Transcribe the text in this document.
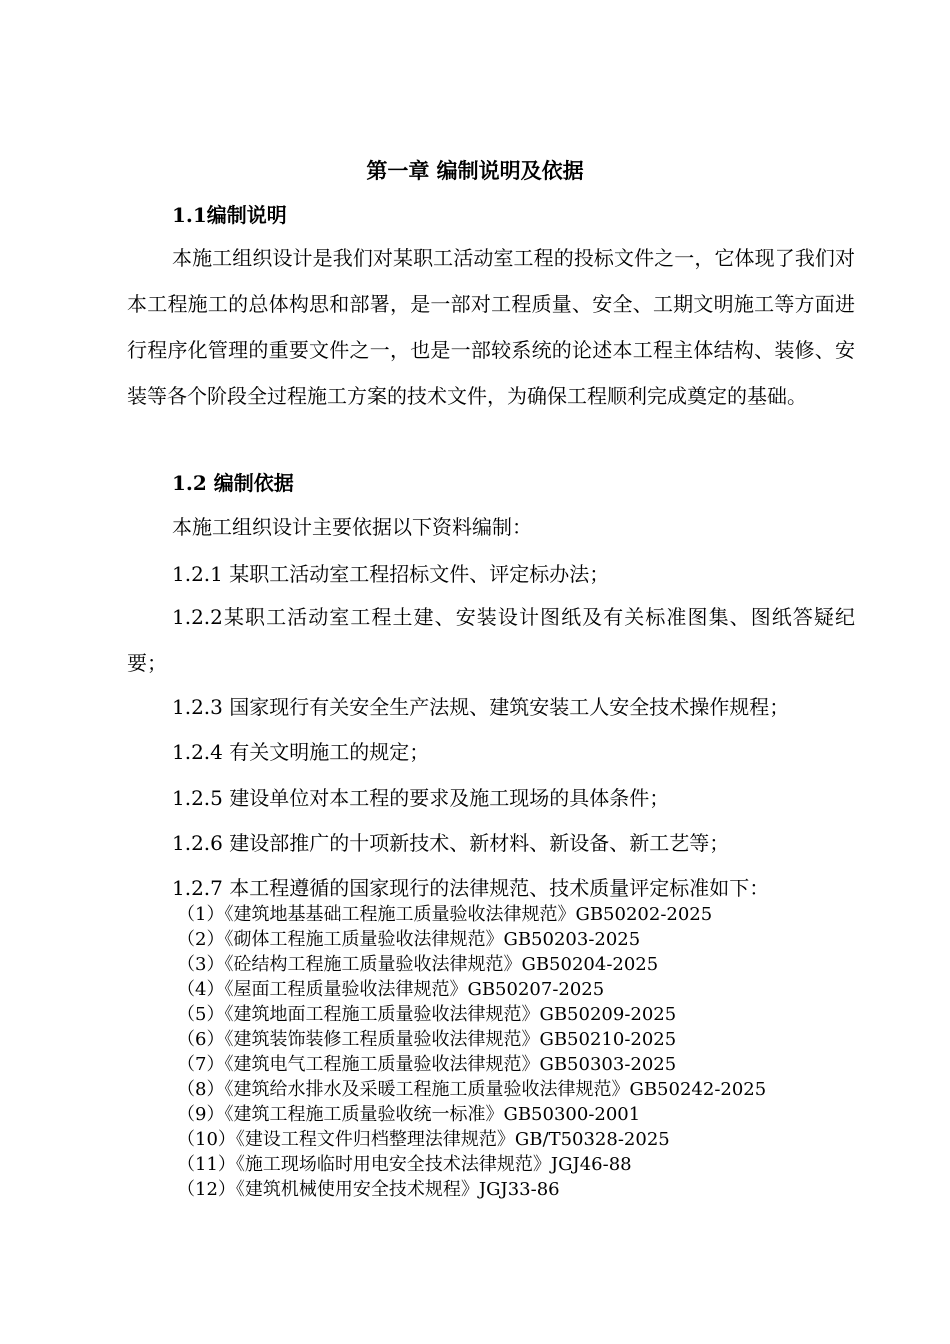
第一章 编制说明及依据
1.1编制说明

本施工组织设计是我们对某职工活动室工程的投标文件之一，它体现了我们对本工程施工的总体构思和部署，是一部对工程质量、安全、工期文明施工等方面进行程序化管理的重要文件之一，也是一部较系统的论述本工程主体结构、装修、安装等各个阶段全过程施工方案的技术文件，为确保工程顺利完成奠定的基础。

1.2 编制依据

本施工组织设计主要依据以下资料编制：

1.2.1 某职工活动室工程招标文件、评定标办法；

1.2.2某职工活动室工程土建、安装设计图纸及有关标准图集、图纸答疑纪要；

1.2.3 国家现行有关安全生产法规、建筑安装工人安全技术操作规程；

1.2.4 有关文明施工的规定；

1.2.5 建设单位对本工程的要求及施工现场的具体条件；

1.2.6 建设部推广的十项新技术、新材料、新设备、新工艺等；

1.2.7 本工程遵循的国家现行的法律规范、技术质量评定标准如下：

（1）《建筑地基基础工程施工质量验收法律规范》GB50202-2025
（2）《砌体工程施工质量验收法律规范》GB50203-2025
（3）《砼结构工程施工质量验收法律规范》GB50204-2025
（4）《屋面工程质量验收法律规范》GB50207-2025
（5）《建筑地面工程施工质量验收法律规范》GB50209-2025
（6）《建筑装饰装修工程质量验收法律规范》GB50210-2025
（7）《建筑电气工程施工质量验收法律规范》GB50303-2025
（8）《建筑给水排水及采暖工程施工质量验收法律规范》GB50242-2025
（9）《建筑工程施工质量验收统一标准》GB50300-2001
（10）《建设工程文件归档整理法律规范》GB/T50328-2025
（11）《施工现场临时用电安全技术法律规范》JGJ46-88
（12）《建筑机械使用安全技术规程》JGJ33-86
